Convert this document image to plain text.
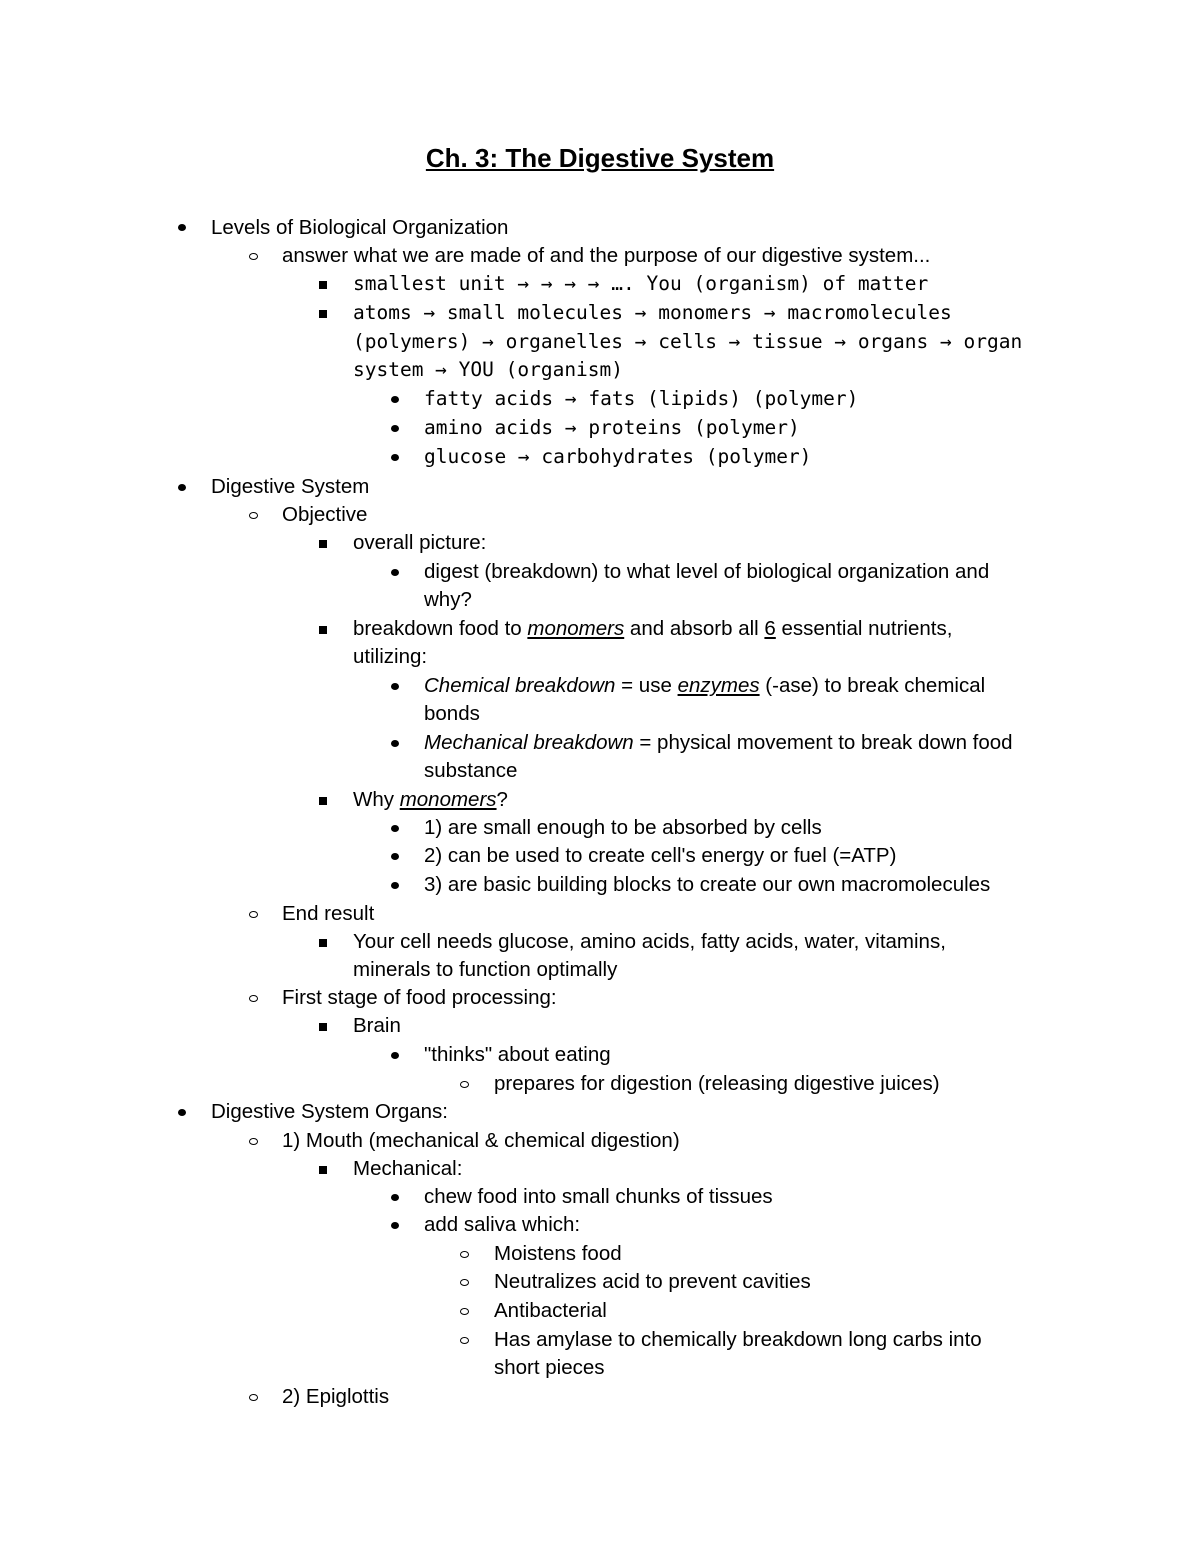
Ch. 3: The Digestive System
Levels of Biological Organization
answer what we are made of and the purpose of our digestive system...
smallest unit → → → → …. You (organism) of matter
atoms → small molecules → monomers → macromolecules
(polymers) → organelles → cells → tissue → organs → organ
system → YOU (organism)
fatty acids → fats (lipids) (polymer)
amino acids → proteins (polymer)
glucose → carbohydrates (polymer)
Digestive System
Objective
overall picture:
digest (breakdown) to what level of biological organization and
why?
breakdown food to monomers and absorb all 6 essential nutrients,
utilizing:
Chemical breakdown = use enzymes (-ase) to break chemical
bonds
Mechanical breakdown = physical movement to break down food
substance
Why monomers?
1) are small enough to be absorbed by cells
2) can be used to create cell's energy or fuel (=ATP)
3) are basic building blocks to create our own macromolecules
End result
Your cell needs glucose, amino acids, fatty acids, water, vitamins,
minerals to function optimally
First stage of food processing:
Brain
"thinks" about eating
prepares for digestion (releasing digestive juices)
Digestive System Organs:
1) Mouth (mechanical & chemical digestion)
Mechanical:
chew food into small chunks of tissues
add saliva which:
Moistens food
Neutralizes acid to prevent cavities
Antibacterial
Has amylase to chemically breakdown long carbs into
short pieces
2) Epiglottis
